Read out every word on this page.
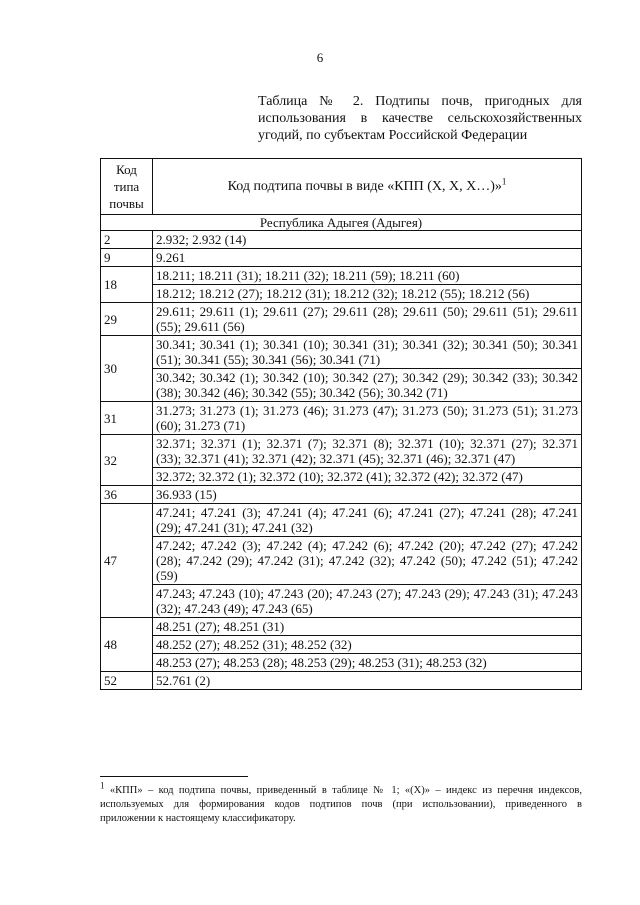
6
Таблица № 2. Подтипы почв, пригодных для
использования в качестве сельскохозяйственных
угодий, по субъектам Российской Федерации
Код
типа
почвы	Код подтипа почвы в виде «КПП (X, X, X…)»$^1$
Республика Адыгея (Адыгея)	
2	2.932; 2.932 (14)
9	9.261
18	18.211; 18.211 (31); 18.211 (32); 18.211 (59); 18.211 (60)
	18.212; 18.212 (27); 18.212 (31); 18.212 (32); 18.212 (55); 18.212 (56)
29	29.611; 29.611 (1); 29.611 (27); 29.611 (28); 29.611 (50); 29.611 (51); 29.611 (55); 29.611 (56)
30	30.341; 30.341 (1); 30.341 (10); 30.341 (31); 30.341 (32); 30.341 (50); 30.341 (51); 30.341 (55); 30.341 (56); 30.341 (71)
	30.342; 30.342 (1); 30.342 (10); 30.342 (27); 30.342 (29); 30.342 (33); 30.342 (38); 30.342 (46); 30.342 (55); 30.342 (56); 30.342 (71)
31	31.273; 31.273 (1); 31.273 (46); 31.273 (47); 31.273 (50); 31.273 (51); 31.273 (60); 31.273 (71)
32	32.371; 32.371 (1); 32.371 (7); 32.371 (8); 32.371 (10); 32.371 (27); 32.371 (33); 32.371 (41); 32.371 (42); 32.371 (45); 32.371 (46); 32.371 (47)
	32.372; 32.372 (1); 32.372 (10); 32.372 (41); 32.372 (42); 32.372 (47)
36	36.933 (15)
47	47.241; 47.241 (3); 47.241 (4); 47.241 (6); 47.241 (27); 47.241 (28); 47.241 (29); 47.241 (31); 47.241 (32)
	47.242; 47.242 (3); 47.242 (4); 47.242 (6); 47.242 (20); 47.242 (27); 47.242 (28); 47.242 (29); 47.242 (31); 47.242 (32); 47.242 (50); 47.242 (51); 47.242 (59)
	47.243; 47.243 (10); 47.243 (20); 47.243 (27); 47.243 (29); 47.243 (31); 47.243 (32); 47.243 (49); 47.243 (65)
48	48.251 (27); 48.251 (31)
	48.252 (27); 48.252 (31); 48.252 (32)
	48.253 (27); 48.253 (28); 48.253 (29); 48.253 (31); 48.253 (32)
52	52.761 (2)
$^1$ «КПП» – код подтипа почвы, приведенный в таблице № 1; «(X)» – индекс из перечня индексов,
используемых для формирования кодов подтипов почв (при использовании), приведенного в
приложении к настоящему классификатору.
